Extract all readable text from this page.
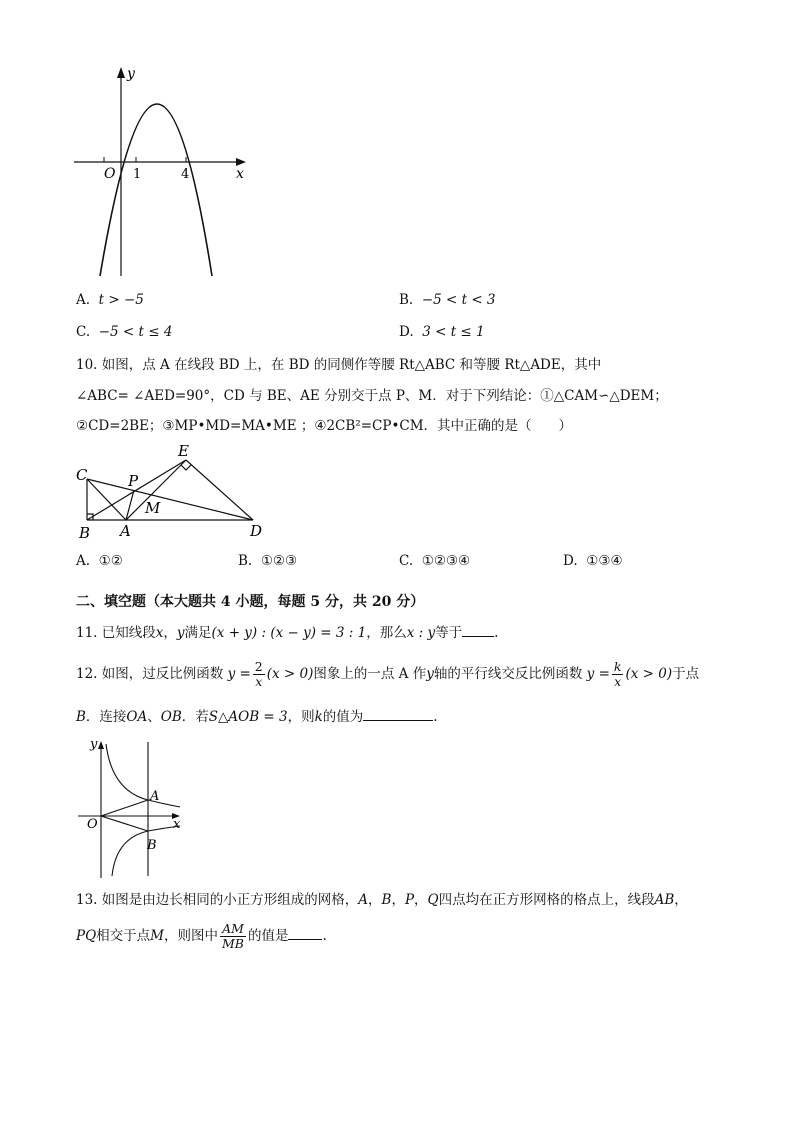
y
x
O 1	4
A. t > −5	B. −5 < t < 3
C. −5 < t ≤ 4	D. 3 < t ≤ 1
10. 如图，点 A 在线段 BD 上，在 BD 的同侧作等腰 Rt△ABC 和等腰 Rt△ADE，其中
∠ABC= ∠AED=90°，CD 与 BE、AE 分别交于点 P、M．对于下列结论：①△CAM∽△DEM；
②CD=2BE；③MP•MD=MA•ME ；④2CB²=CP•CM．其中正确的是（　　）
E
C	P
M
B A	D
A. ①②	B. ①②③	C. ①②③④	D. ①③④
二、填空题（本大题共 4 小题，每题 5 分，共 20 分）
11. 已知线段x，y满足(x + y) : (x − y) = 3 : 1，那么x : y等于 .
12. 如图，过反比例函数 $y = \frac{2}{x} (x > 0)$图象上的一点 A 作y轴的平行线交反比例函数 $y = \frac{k}{x} (x > 0)$于点
B．连接OA、OB．若S△AOB = 3，则k的值为	.
y
x
O
A
B
13. 如图是由边长相同的小正方形组成的网格，A，B，P，Q四点均在正方形网格的格点上，线段AB，
PQ相交于点M，则图中 $\frac{AM}{MB}$ 的值是	.
